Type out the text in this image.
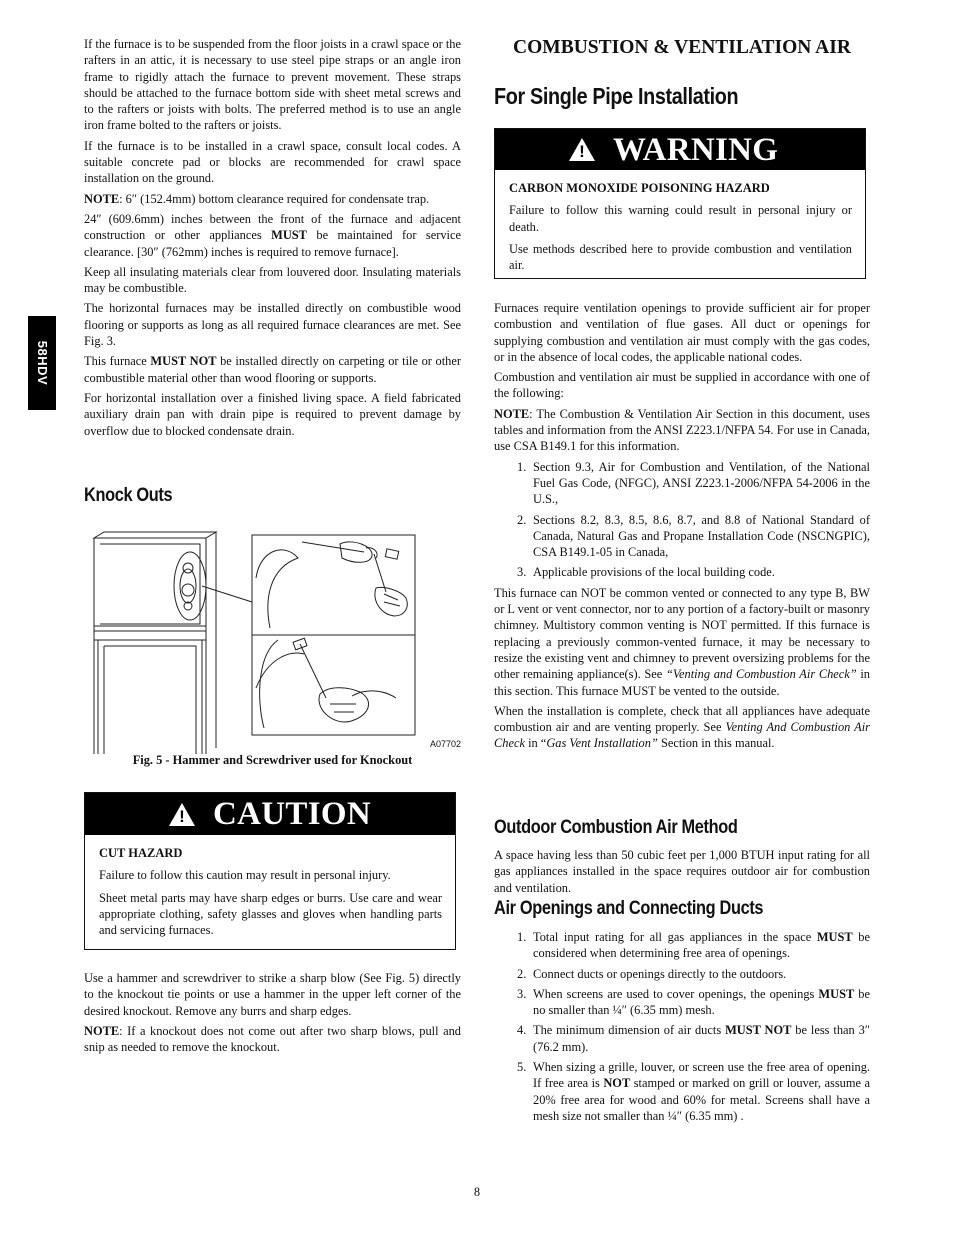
58HDV

If the furnace is to be suspended from the floor joists in a crawl space or the rafters in an attic, it is necessary to use steel pipe straps or an angle iron frame to rigidly attach the furnace to prevent movement. These straps should be attached to the furnace bottom side with sheet metal screws and to the rafters or joists with bolts. The preferred method is to use an angle iron frame bolted to the rafters or joists.

If the furnace is to be installed in a crawl space, consult local codes. A suitable concrete pad or blocks are recommended for crawl space installation on the ground.

NOTE: 6″ (152.4mm) bottom clearance required for condensate trap.

24″ (609.6mm) inches between the front of the furnace and adjacent construction or other appliances MUST be maintained for service clearance. [30″ (762mm) inches is required to remove furnace].

Keep all insulating materials clear from louvered door. Insulating materials may be combustible.

The horizontal furnaces may be installed directly on combustible wood flooring or supports as long as all required furnace clearances are met. See Fig. 3.

This furnace MUST NOT be installed directly on carpeting or tile or other combustible material other than wood flooring or supports.

For horizontal installation over a finished living space. A field fabricated auxiliary drain pan with drain pipe is required to prevent damage by overflow due to blocked condensate drain.

Knock Outs
A07702
Fig. 5 - Hammer and Screwdriver used for Knockout
! CAUTION
CUT HAZARD

Failure to follow this caution may result in personal injury.

Sheet metal parts may have sharp edges or burrs. Use care and wear appropriate clothing, safety glasses and gloves when handling parts and servicing furnaces.

Use a hammer and screwdriver to strike a sharp blow (See Fig. 5) directly to the knockout tie points or use a hammer in the upper left corner of the desired knockout. Remove any burrs and sharp edges.

NOTE: If a knockout does not come out after two sharp blows, pull and snip as needed to remove the knockout.

COMBUSTION & VENTILATION AIR
For Single Pipe Installation
! WARNING
CARBON MONOXIDE POISONING HAZARD

Failure to follow this warning could result in personal injury or death.

Use methods described here to provide combustion and ventilation air.

Furnaces require ventilation openings to provide sufficient air for proper combustion and ventilation of flue gases. All duct or openings for supplying combustion and ventilation air must comply with the gas codes, or in the absence of local codes, the applicable national codes.

Combustion and ventilation air must be supplied in accordance with one of the following:

NOTE: The Combustion & Ventilation Air Section in this document, uses tables and information from the ANSI Z223.1/NFPA 54. For use in Canada, use CSA B149.1 for this information.

1. Section 9.3, Air for Combustion and Ventilation, of the National Fuel Gas Code, (NFGC), ANSI Z223.1-2006/NFPA 54-2006 in the U.S.,
2. Sections 8.2, 8.3, 8.5, 8.6, 8.7, and 8.8 of National Standard of Canada, Natural Gas and Propane Installation Code (NSCNGPIC), CSA B149.1-05 in Canada,
3. Applicable provisions of the local building code.

This furnace can NOT be common vented or connected to any type B, BW or L vent or vent connector, nor to any portion of a factory-built or masonry chimney. Multistory common venting is NOT permitted. If this furnace is replacing a previously common-vented furnace, it may be necessary to resize the existing vent and chimney to prevent oversizing problems for the other remaining appliance(s). See “Venting and Combustion Air Check” in this section. This furnace MUST be vented to the outside.

When the installation is complete, check that all appliances have adequate combustion air and are venting properly. See Venting And Combustion Air Check in “Gas Vent Installation” Section in this manual.

Outdoor Combustion Air Method

A space having less than 50 cubic feet per 1,000 BTUH input rating for all gas appliances installed in the space requires outdoor air for combustion and ventilation.

Air Openings and Connecting Ducts
1. Total input rating for all gas appliances in the space MUST be considered when determining free area of openings.
2. Connect ducts or openings directly to the outdoors.
3. When screens are used to cover openings, the openings MUST be no smaller than ¼″ (6.35 mm) mesh.
4. The minimum dimension of air ducts MUST NOT be less than 3″ (76.2 mm).
5. When sizing a grille, louver, or screen use the free area of opening. If free area is NOT stamped or marked on grill or louver, assume a 20% free area for wood and 60% for metal. Screens shall have a mesh size not smaller than ¼″ (6.35 mm) .
8
